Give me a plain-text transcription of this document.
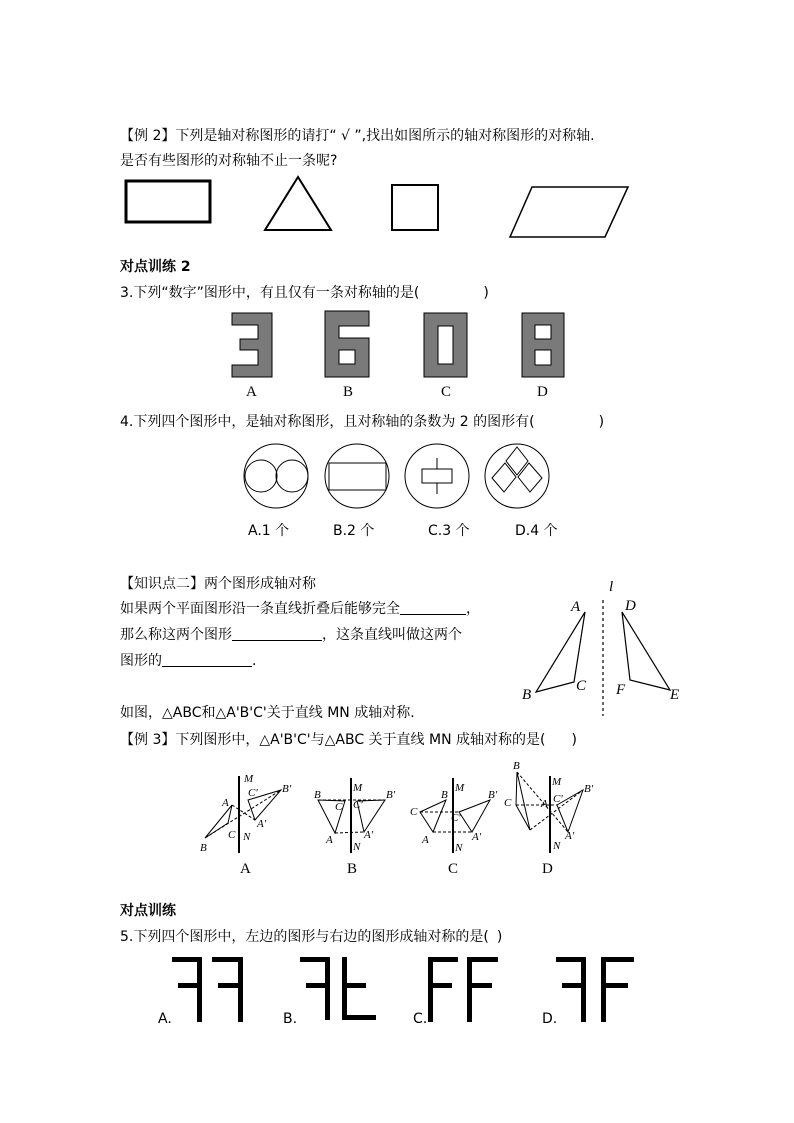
【例 2】下列是轴对称图形的请打“ √ ”,找出如图所示的轴对称图形的对称轴.
是否有些图形的对称轴不止一条呢?
对点训练 2
3.下列“数字”图形中，有且仅有一条对称轴的是(	)
A	B	C	D
4.下列四个图形中，是轴对称图形，且对称轴的条数为 2 的图形有(	)
A.1 个	B.2 个	C.3 个	D.4 个
【知识点二】两个图形成轴对称
如果两个平面图形沿一条直线折叠后能够完全	，
那么称这两个图形	，这条直线叫做这两个
图形的	.
如图，△ABC和△A'B'C'关于直线 MN 成轴对称.
l
A
B
C
D
E
F
【例 3】下列图形中，△A'B'C'与△ABC 关于直线 MN 成轴对称的是( )
M
C′ B′
A
A′
C N
B
M
B
C C′
B′
A	A′
N
M
B	B′
C	C′
A	A′
N
B
M
B′
C	A C′
A′
N
A	B	C	D
对点训练
5.下列四个图形中，左边的图形与右边的图形成轴对称的是( )
A.	B.	C.	D.
